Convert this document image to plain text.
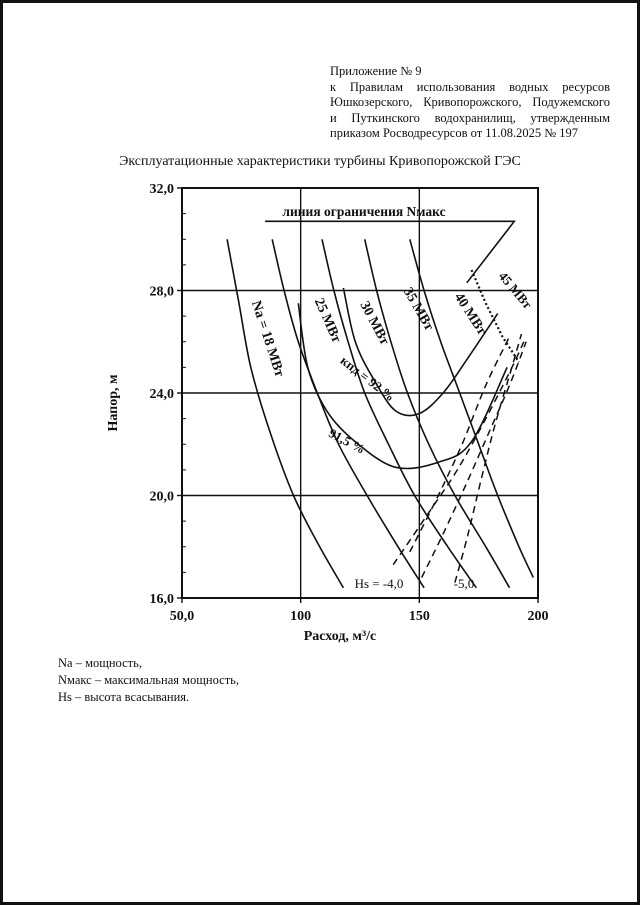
Приложение № 9
к Правилам использования водных ресурсов
Юшкозерского, Кривопорожского, Подужемского
и Путкинского водохранилищ, утвержденным
приказом Росводресурсов от 11.08.2025 № 197
Эксплуатационные характеристики турбины Кривопорожской ГЭС
50,0	100	150	200
16,0
20,0
24,0
28,0
32,0
Расход, м³/с
Напор, м
линия ограничения Nмакс
Na = 18 МВт 25 МВт 30 МВт 35 МВт 40 МВт
45 МВт
кпд = 92 %
91,5 %
Hs = -4,0	-5,0
Na – мощность,
Nмакс – максимальная мощность,
Hs – высота всасывания.
